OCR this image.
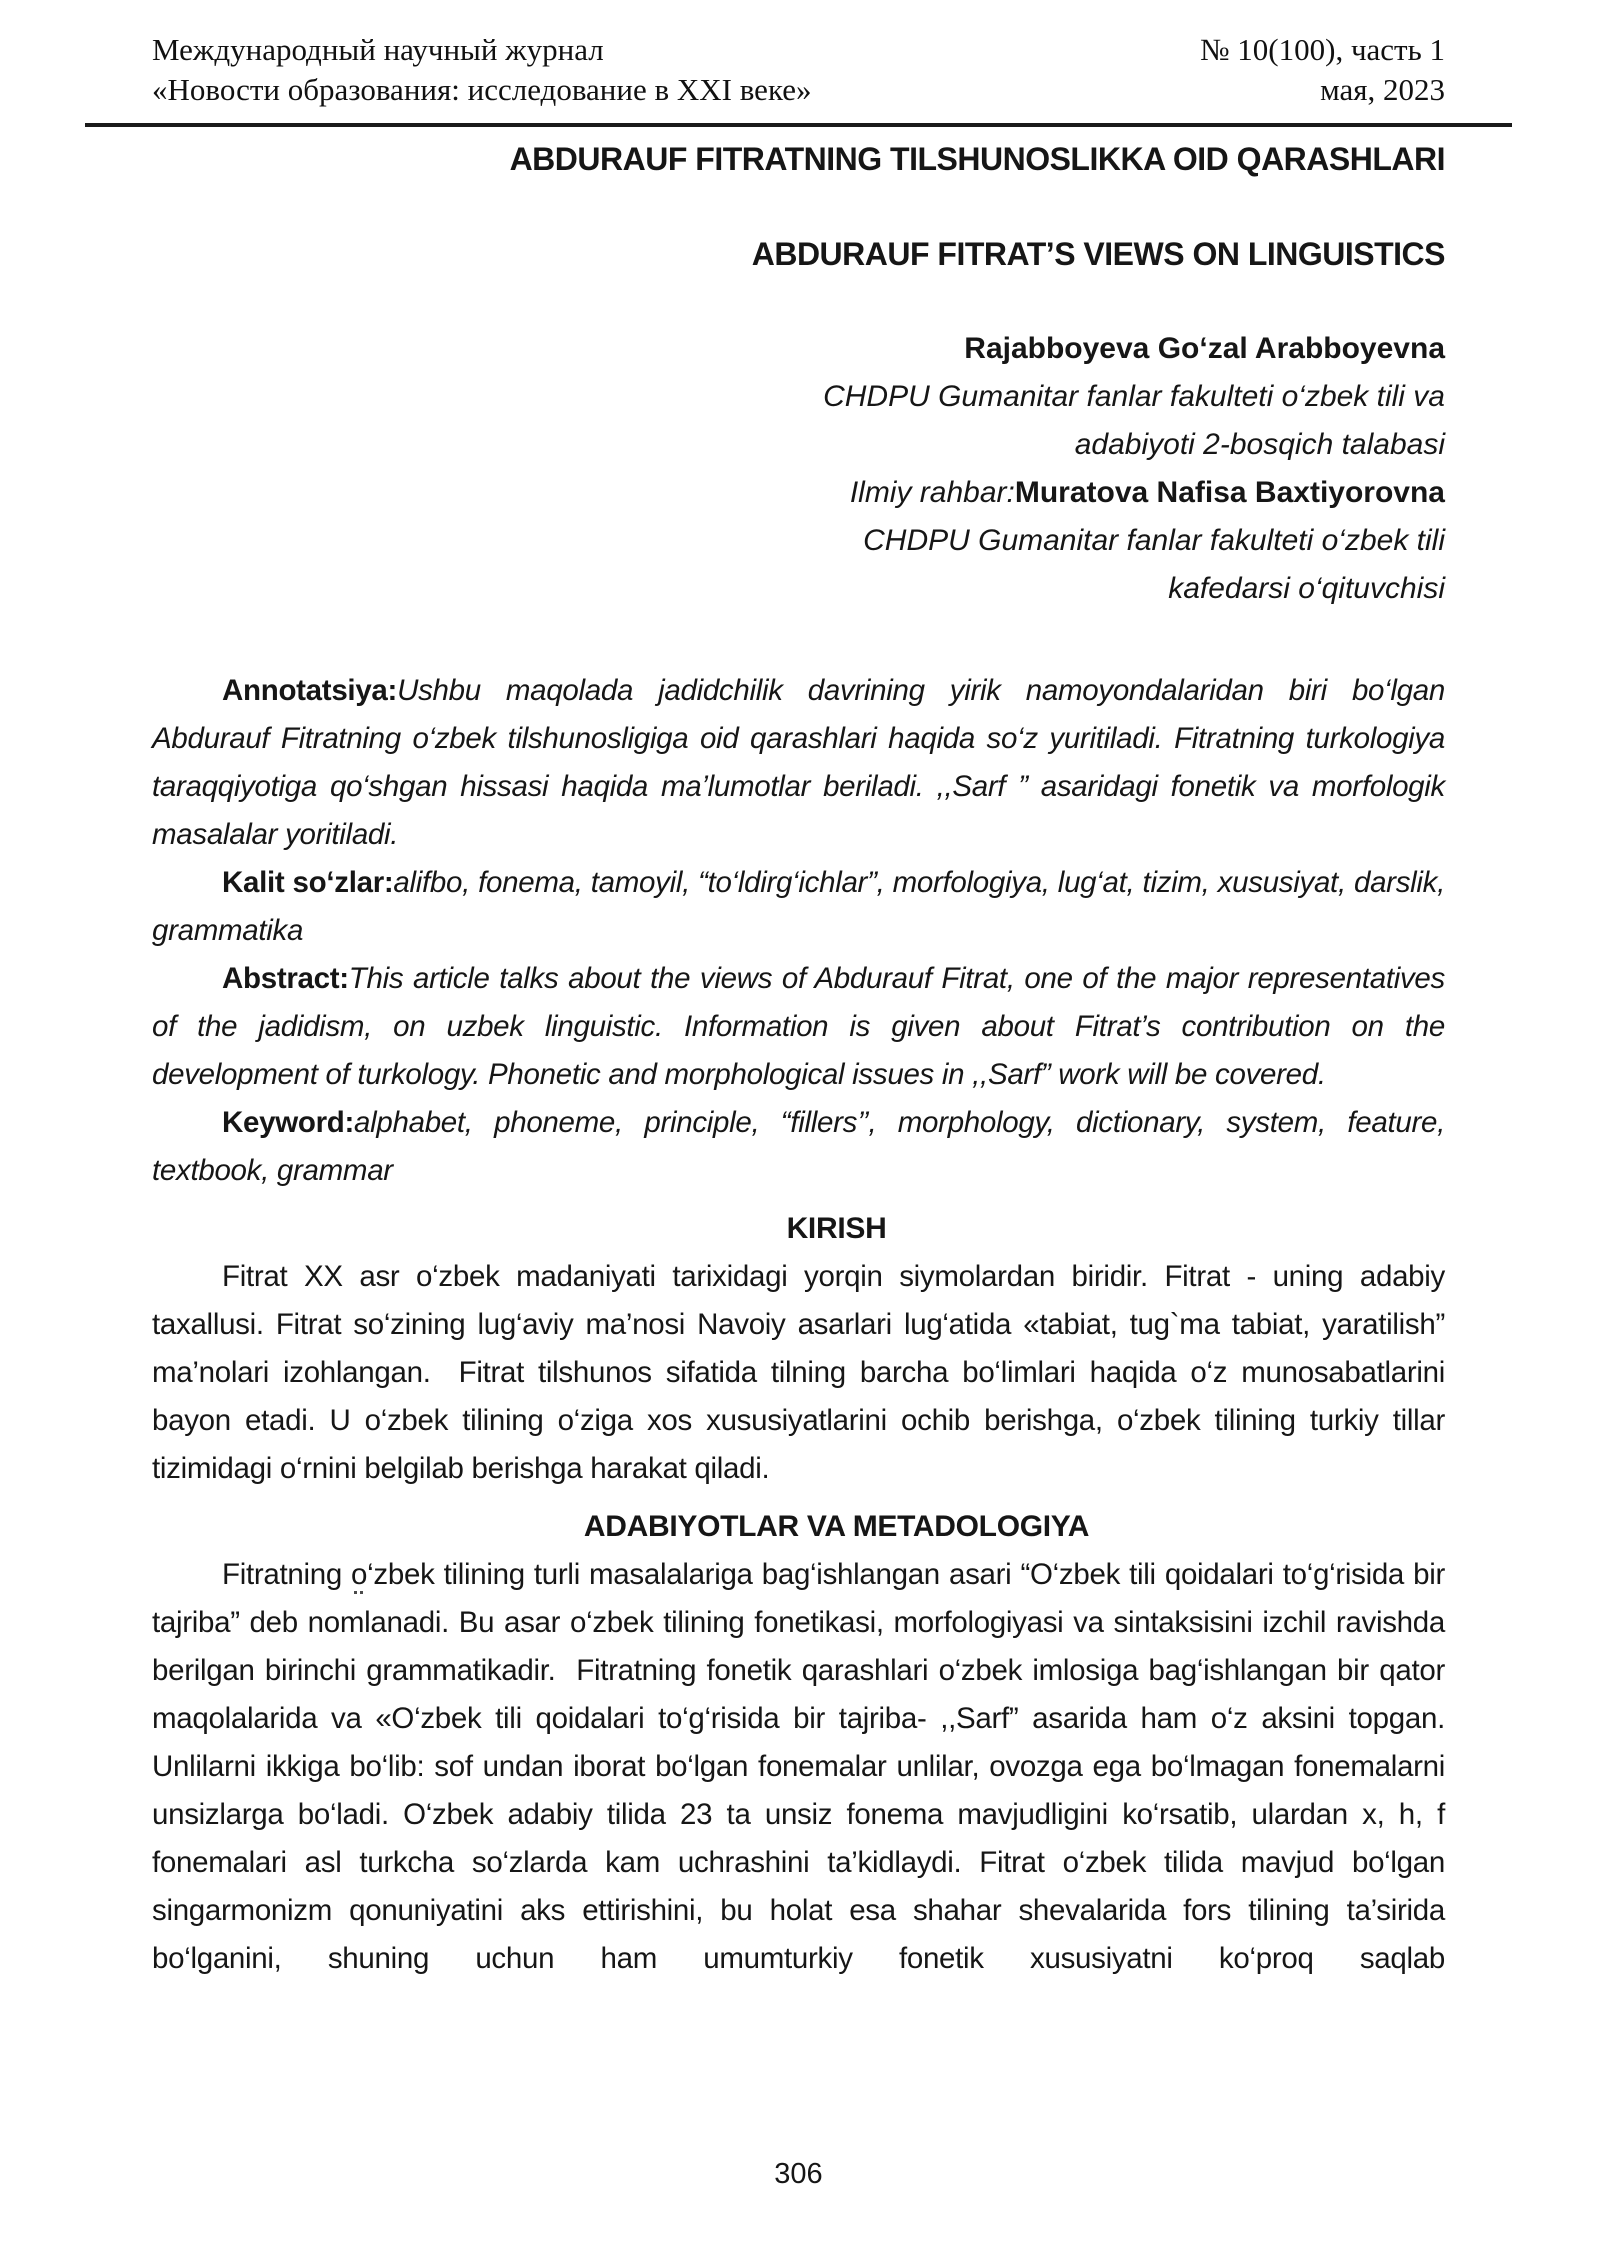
Международный научный журнал
«Новости образования: исследование в XXI веке»
№ 10(100), часть 1
мая, 2023
ABDURAUF FITRATNING TILSHUNOSLIKKA OID QARASHLARI
ABDURAUF FITRAT’S VIEWS ON LINGUISTICS
Rajabboyeva Go‘zal Arabboyevna
CHDPU Gumanitar fanlar fakulteti o‘zbek tili va
adabiyoti 2-bosqich talabasi
Ilmiy rahbar:Muratova Nafisa Baxtiyorovna
CHDPU Gumanitar fanlar fakulteti o‘zbek tili
kafedarsi o‘qituvchisi

Annotatsiya:Ushbu maqolada jadidchilik davrining yirik namoyondalaridan biri bo‘lgan Abdurauf Fitratning o‘zbek tilshunosligiga oid qarashlari haqida so‘z yuritiladi. Fitratning turkologiya taraqqiyotiga qo‘shgan hissasi haqida ma’lumotlar beriladi. ,,Sarf ” asaridagi fonetik va morfologik masalalar yoritiladi.

Kalit so‘zlar:alifbo, fonema, tamoyil, “to‘ldirg‘ichlar”, morfologiya, lug‘at, tizim, xususiyat, darslik, grammatika

Abstract:This article talks about the views of Abdurauf Fitrat, one of the major representatives of the jadidism, on uzbek linguistic. Information is given about Fitrat’s contribution on the development of turkology. Phonetic and morphological issues in ,,Sarf” work will be covered.

Keyword:alphabet, phoneme, principle, “fillers’’, morphology, dictionary, system, feature, textbook, grammar

KIRISH

Fitrat XX asr o‘zbek madaniyati tarixidagi yorqin siymolardan biridir. Fitrat - uning adabiy taxallusi. Fitrat so‘zining lug‘aviy ma’nosi Navoiy asarlari lug‘atida «tabiat, tug`ma tabiat, yaratilish” ma’nolari izohlangan.  Fitrat tilshunos sifatida tilning barcha bo‘limlari haqida o‘z munosabatlarini bayon etadi. U o‘zbek tilining o‘ziga xos xususiyatlarini ochib berishga, o‘zbek tilining turkiy tillar tizimidagi o‘rnini belgilab berishga harakat qiladi.

ADABIYOTLAR VA METADOLOGIYA

Fitratning o‘zbek tilining turli masalalariga bag‘ishlangan asari “O‘zbek tili qoidalari to‘g‘risida bir tajriba” deb nomlanadi. Bu asar o‘zbek tilining fonetikasi, morfologiyasi va sintaksisini izchil ravishda berilgan birinchi grammatikadir.  Fitratning fonetik qarashlari o‘zbek imlosiga bag‘ishlangan bir qator maqolalarida va «O‘zbek tili qoidalari to‘g‘risida bir tajriba- ,,Sarf” asarida ham o‘z aksini topgan. Unlilarni ikkiga bo‘lib: sof undan iborat bo‘lgan fonemalar unlilar, ovozga ega bo‘lmagan fonemalarni unsizlarga bo‘ladi. O‘zbek adabiy tilida 23 ta unsiz fonema mavjudligini ko‘rsatib, ulardan x, h, f fonemalari asl turkcha so‘zlarda kam uchrashini ta’kidlaydi. Fitrat o‘zbek tilida mavjud bo‘lgan singarmonizm qonuniyatini aks ettirishini, bu holat esa shahar shevalarida fors tilining ta’sirida bo‘lganini, shuning uchun ham umumturkiy fonetik xususiyatni ko‘proq saqlab

306
